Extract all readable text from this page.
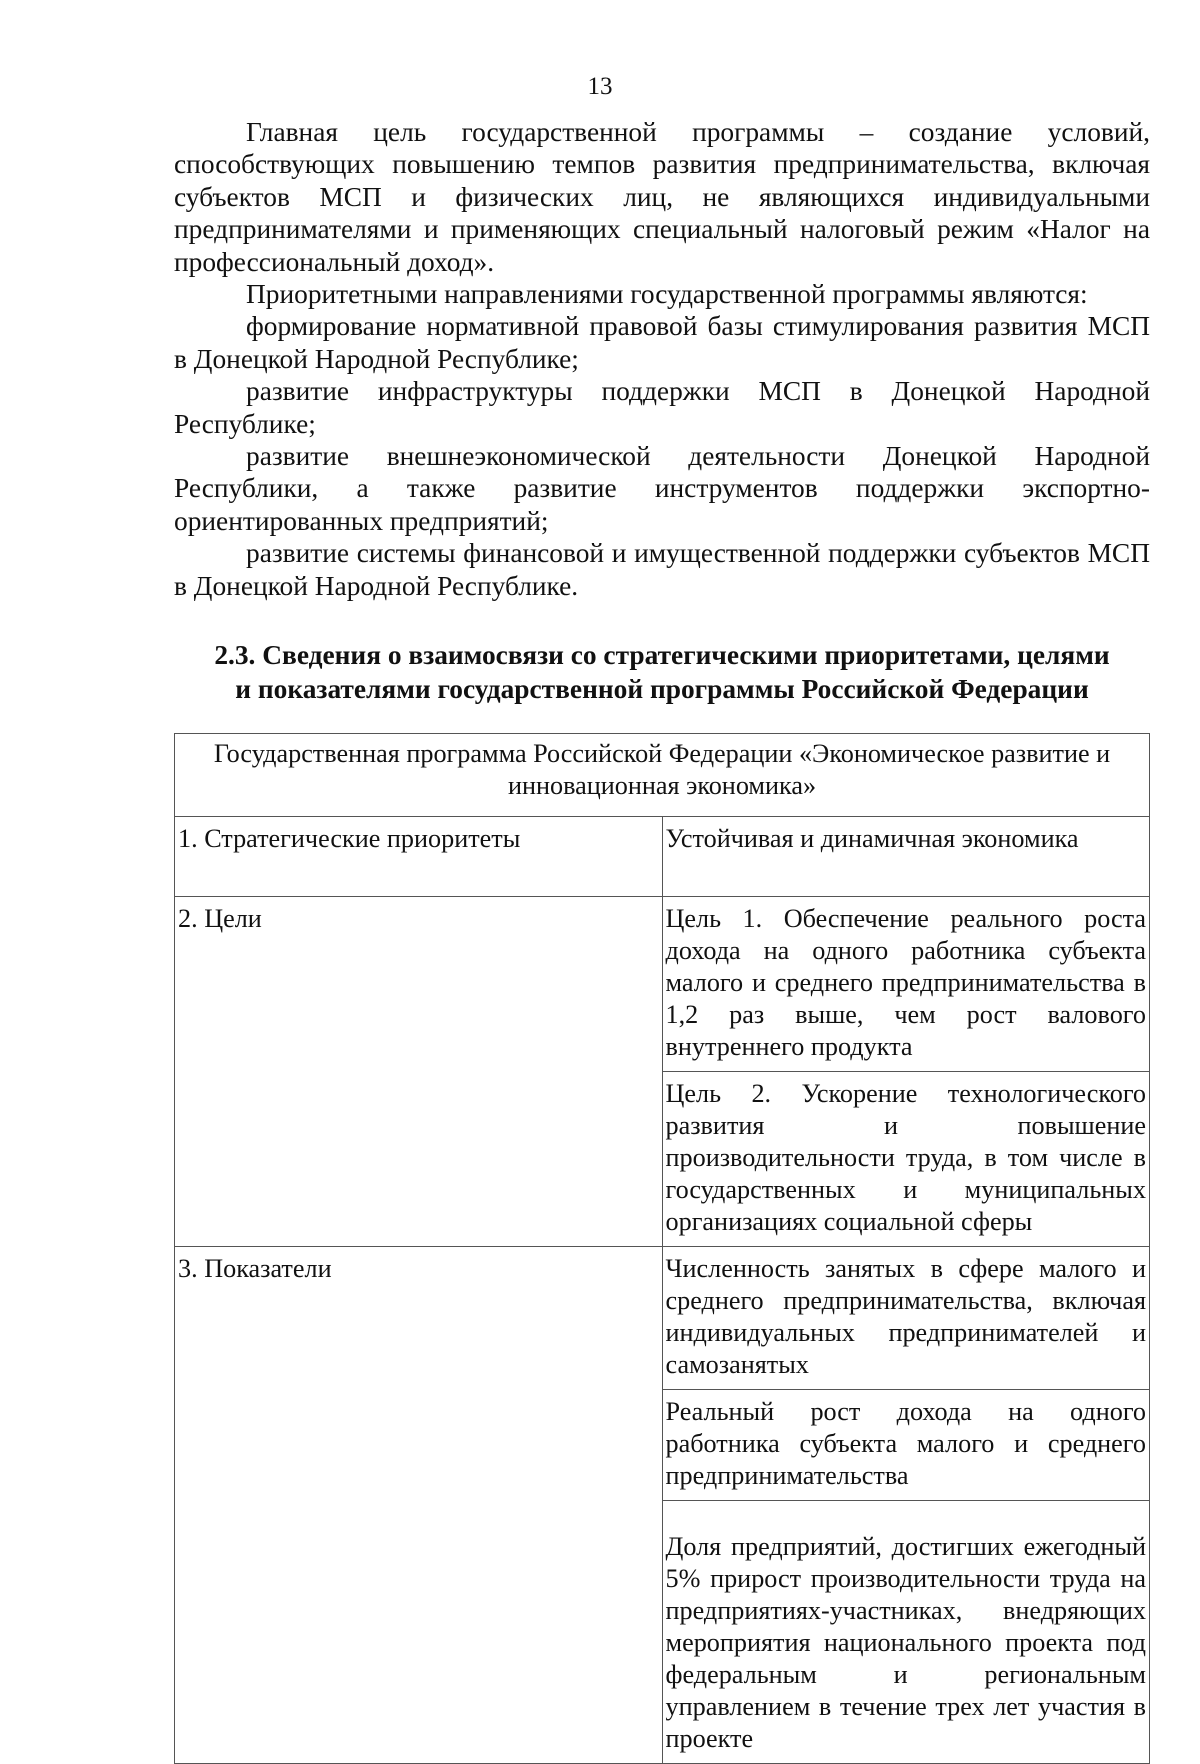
13

Главная цель государственной программы – создание условий, способствующих повышению темпов развития предпринимательства, включая субъектов МСП и физических лиц, не являющихся индивидуальными предпринимателями и применяющих специальный налоговый режим «Налог на профессиональный доход».

Приоритетными направлениями государственной программы являются:

формирование нормативной правовой базы стимулирования развития МСП в Донецкой Народной Республике;

развитие инфраструктуры поддержки МСП в Донецкой Народной Республике;

развитие внешнеэкономической деятельности Донецкой Народной Республики, а также развитие инструментов поддержки экспортно-ориентированных предприятий;

развитие системы финансовой и имущественной поддержки субъектов МСП в Донецкой Народной Республике.

2.3. Сведения о взаимосвязи со стратегическими приоритетами, целями
и показателями государственной программы Российской Федерации
Государственная программа Российской Федерации «Экономическое развитие и инновационная экономика»	
1. Стратегические приоритеты	Устойчивая и динамичная экономика
2. Цели	Цель 1. Обеспечение реального роста дохода на одного работника субъекта малого и среднего предпринимательства в 1,2 раз выше, чем рост валового внутреннего продукта
	Цель 2. Ускорение технологического развития и повышение производительности труда, в том числе в государственных и муниципальных организациях социальной сферы
3. Показатели	Численность занятых в сфере малого и среднего предпринимательства, включая индивидуальных предпринимателей и самозанятых
	Реальный рост дохода на одного работника субъекта малого и среднего предпринимательства
	Доля предприятий, достигших ежегодный 5% прирост производительности труда на предприятиях-участниках, внедряющих мероприятия национального проекта под федеральным и региональным управлением в течение трех лет участия в проекте
